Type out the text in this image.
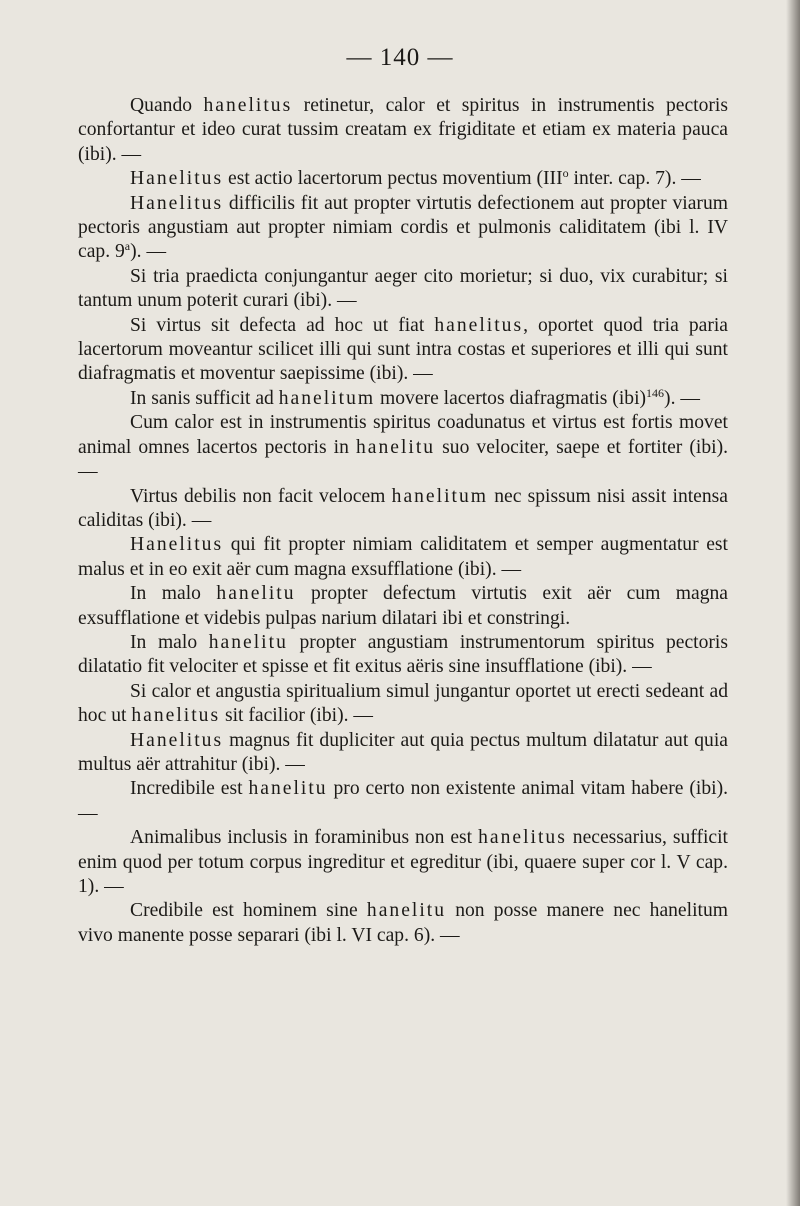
— 140 —

Quando hanelitus retinetur, calor et spiritus in instrumentis pectoris confortantur et ideo curat tussim creatam ex frigiditate et etiam ex materia pauca (ibi). —

Hanelitus est actio lacertorum pectus moventium (III$^o$ inter. cap. 7). —

Hanelitus difficilis fit aut propter virtutis defectionem aut propter viarum pectoris angustiam aut propter nimiam cordis et pulmonis caliditatem (ibi l. IV cap. 9$^a$). —

Si tria praedicta conjungantur aeger cito morietur; si duo, vix curabitur; si tantum unum poterit curari (ibi). —

Si virtus sit defecta ad hoc ut fiat hanelitus, oportet quod tria paria lacertorum moveantur scilicet illi qui sunt intra costas et superiores et illi qui sunt diafragmatis et moventur saepissime (ibi). —

In sanis sufficit ad hanelitum movere lacertos diafragmatis (ibi)$^{146}$). —

Cum calor est in instrumentis spiritus coadunatus et virtus est fortis movet animal omnes lacertos pectoris in hanelitu suo velociter, saepe et fortiter (ibi). —

Virtus debilis non facit velocem hanelitum nec spissum nisi assit intensa caliditas (ibi). —

Hanelitus qui fit propter nimiam caliditatem et semper augmentatur est malus et in eo exit aër cum magna exsufflatione (ibi). —

In malo hanelitu propter defectum virtutis exit aër cum magna exsufflatione et videbis pulpas narium dilatari ibi et constringi.

In malo hanelitu propter angustiam instrumentorum spiritus pectoris dilatatio fit velociter et spisse et fit exitus aëris sine insufflatione (ibi). —

Si calor et angustia spiritualium simul jungantur oportet ut erecti sedeant ad hoc ut hanelitus sit facilior (ibi). —

Hanelitus magnus fit dupliciter aut quia pectus multum dilatatur aut quia multus aër attrahitur (ibi). —

Incredibile est hanelitu pro certo non existente animal vitam habere (ibi). —

Animalibus inclusis in foraminibus non est hanelitus necessarius, sufficit enim quod per totum corpus ingreditur et egreditur (ibi, quaere super cor l. V cap. 1). —

Credibile est hominem sine hanelitu non posse manere nec hanelitum vivo manente posse separari (ibi l. VI cap. 6). —
